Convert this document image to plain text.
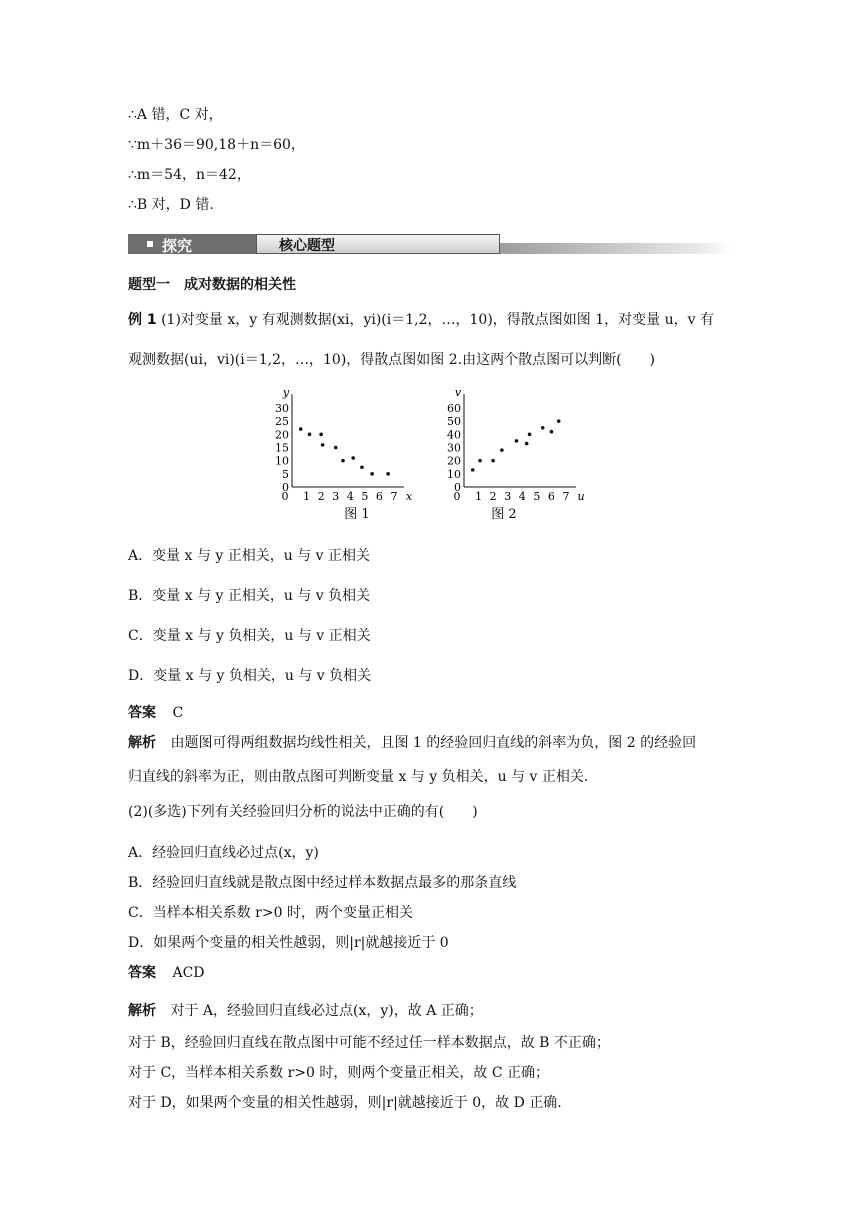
∴A 错，C 对，
∵m＋36＝90,18＋n＝60，
∴m＝54，n＝42，
∴B 对，D 错.
探究	核心题型
题型一　成对数据的相关性
例 1 (1)对变量 x，y 有观测数据(xi，yi)(i＝1,2，…，10)，得散点图如图 1，对变量 u，v 有
观测数据(ui，vi)(i＝1,2，…，10)，得散点图如图 2.由这两个散点图可以判断(　　)
y
x
30
25
20
15
10
5
0
0 1 2 3 4 5 6 7
图 1
v
u
60
50
40
30
20
10
0
0 1 2 3 4 5 6 7
图 2
A．变量 x 与 y 正相关，u 与 v 正相关
B．变量 x 与 y 正相关，u 与 v 负相关
C．变量 x 与 y 负相关，u 与 v 正相关
D．变量 x 与 y 负相关，u 与 v 负相关
答案 C
解析 由题图可得两组数据均线性相关，且图 1 的经验回归直线的斜率为负，图 2 的经验回
归直线的斜率为正，则由散点图可判断变量 x 与 y 负相关，u 与 v 正相关.
(2)(多选)下列有关经验回归分析的说法中正确的有(　　)
A．经验回归直线必过点(x，y)
B．经验回归直线就是散点图中经过样本数据点最多的那条直线
C．当样本相关系数 r>0 时，两个变量正相关
D．如果两个变量的相关性越弱，则|r|就越接近于 0
答案 ACD
解析 对于 A，经验回归直线必过点(x，y)，故 A 正确；
对于 B，经验回归直线在散点图中可能不经过任一样本数据点，故 B 不正确；
对于 C，当样本相关系数 r>0 时，则两个变量正相关，故 C 正确；
对于 D，如果两个变量的相关性越弱，则|r|就越接近于 0，故 D 正确.
